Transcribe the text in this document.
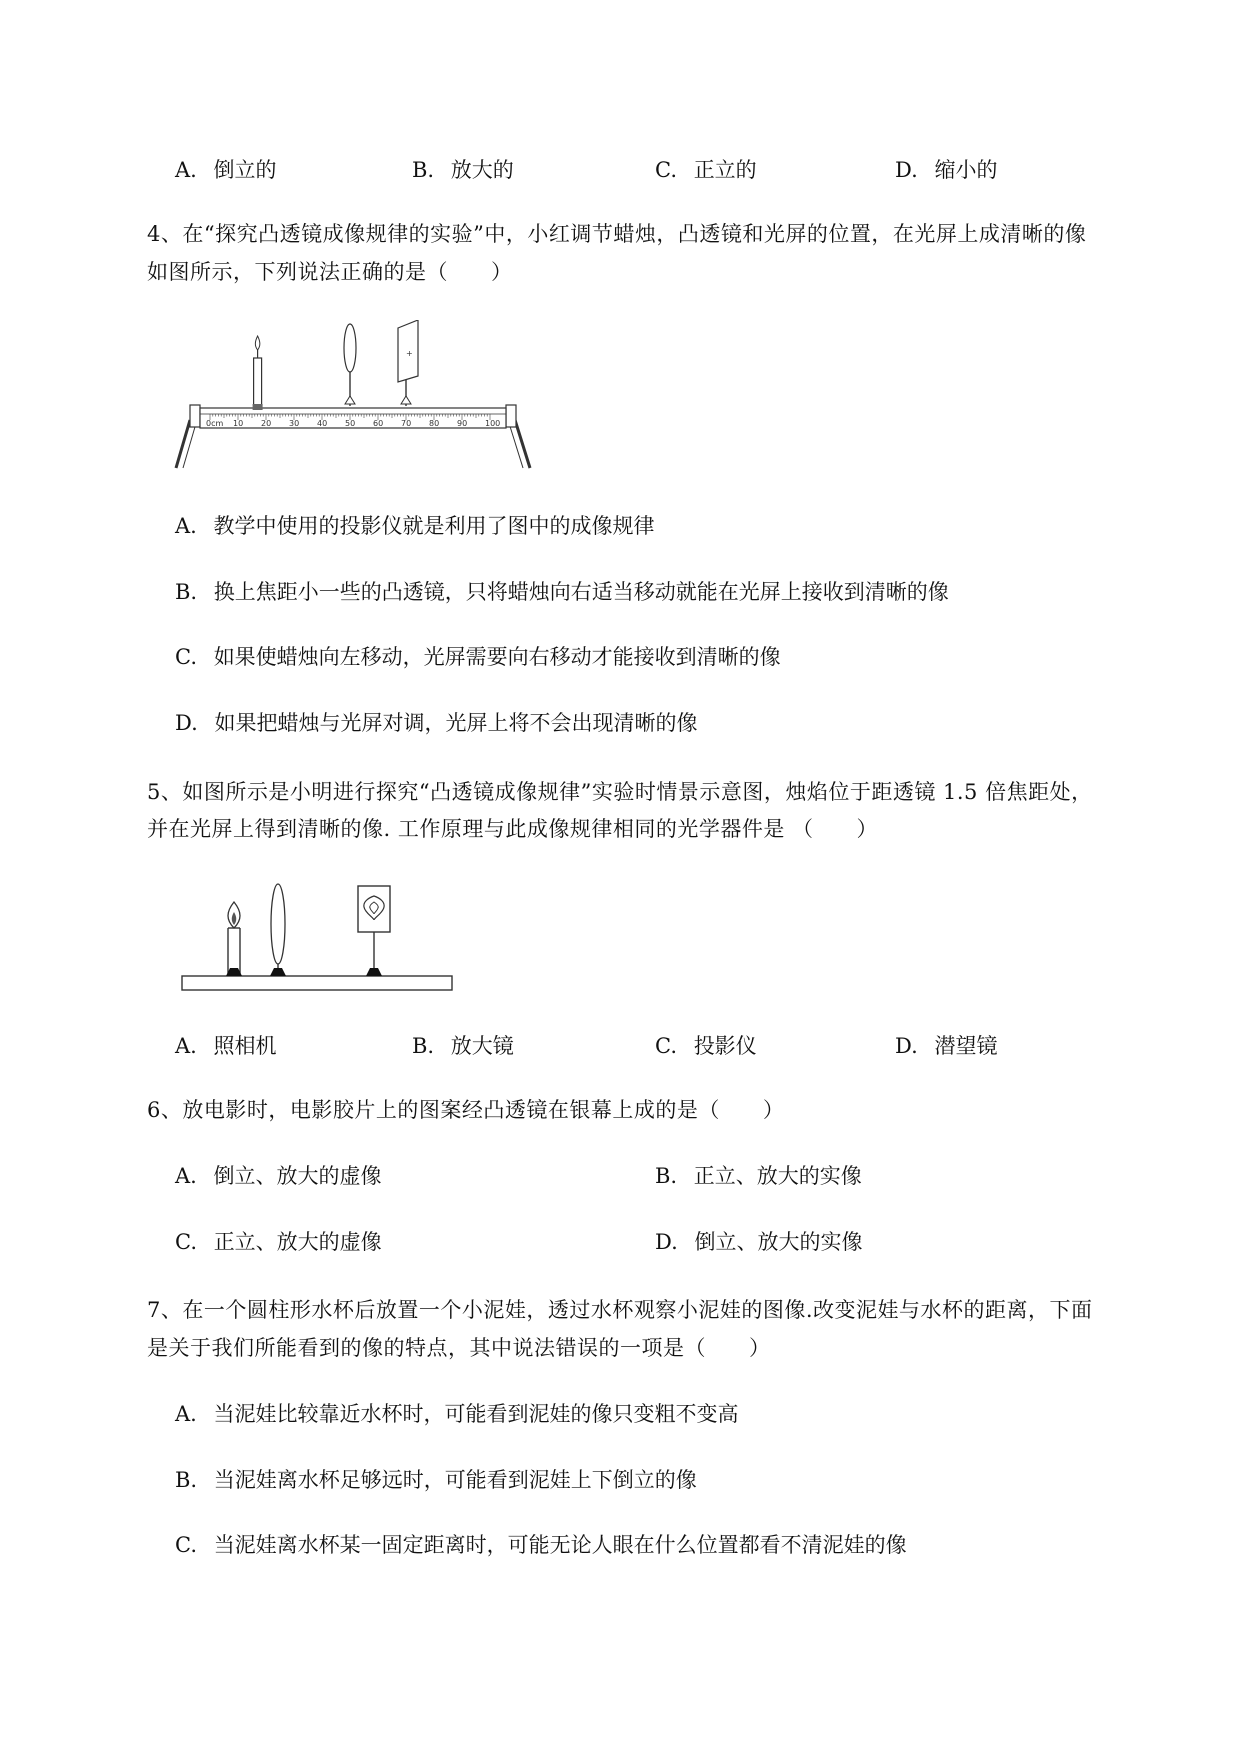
A. 倒立的	B. 放大的	C. 正立的	D. 缩小的
4、在“探究凸透镜成像规律的实验”中，小红调节蜡烛，凸透镜和光屏的位置，在光屏上成清晰的像
如图所示，下列说法正确的是（　　）
0cm 10 20 30 40 50 60 70 80 90 100
+
A. 教学中使用的投影仪就是利用了图中的成像规律
B. 换上焦距小一些的凸透镜，只将蜡烛向右适当移动就能在光屏上接收到清晰的像
C. 如果使蜡烛向左移动，光屏需要向右移动才能接收到清晰的像
D. 如果把蜡烛与光屏对调，光屏上将不会出现清晰的像
5、如图所示是小明进行探究“凸透镜成像规律”实验时情景示意图，烛焰位于距透镜 1.5 倍焦距处，
并在光屏上得到清晰的像. 工作原理与此成像规律相同的光学器件是 （　　）
A. 照相机	B. 放大镜	C. 投影仪	D. 潜望镜
6、放电影时，电影胶片上的图案经凸透镜在银幕上成的是（　　）
A. 倒立、放大的虚像	B. 正立、放大的实像
C. 正立、放大的虚像	D. 倒立、放大的实像
7、在一个圆柱形水杯后放置一个小泥娃，透过水杯观察小泥娃的图像.改变泥娃与水杯的距离，下面
是关于我们所能看到的像的特点，其中说法错误的一项是（　　）
A. 当泥娃比较靠近水杯时，可能看到泥娃的像只变粗不变高
B. 当泥娃离水杯足够远时，可能看到泥娃上下倒立的像
C. 当泥娃离水杯某一固定距离时，可能无论人眼在什么位置都看不清泥娃的像
